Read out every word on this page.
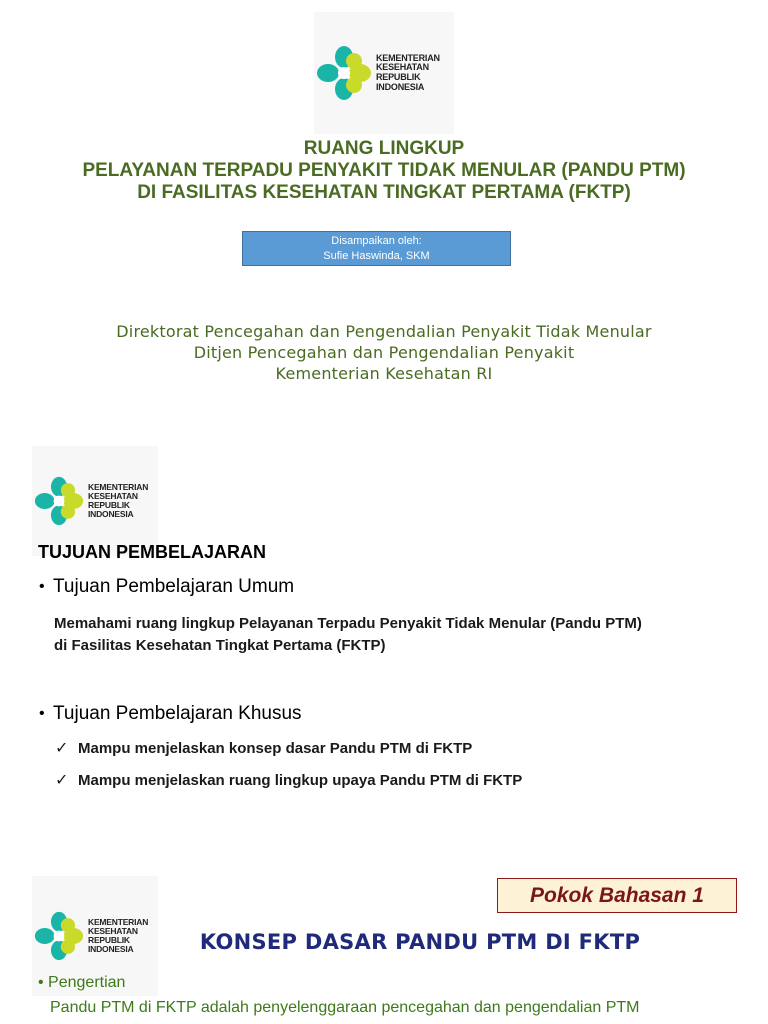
KEMENTERIAN
KESEHATAN
REPUBLIK
INDONESIA
RUANG LINGKUP
PELAYANAN TERPADU PENYAKIT TIDAK MENULAR (PANDU PTM)
DI FASILITAS KESEHATAN TINGKAT PERTAMA (FKTP)
Disampaikan oleh:
Sufie Haswinda, SKM
Direktorat Pencegahan dan Pengendalian Penyakit Tidak Menular
Ditjen Pencegahan dan Pengendalian Penyakit
Kementerian Kesehatan RI
KEMENTERIAN
KESEHATAN
REPUBLIK
INDONESIA
TUJUAN PEMBELAJARAN
• Tujuan Pembelajaran Umum
Memahami ruang lingkup Pelayanan Terpadu Penyakit Tidak Menular (Pandu PTM)
di Fasilitas Kesehatan Tingkat Pertama (FKTP)
• Tujuan Pembelajaran Khusus
✓ Mampu menjelaskan konsep dasar Pandu PTM di FKTP
✓ Mampu menjelaskan ruang lingkup upaya Pandu PTM di FKTP
KEMENTERIAN
KESEHATAN
REPUBLIK
INDONESIA
Pokok Bahasan 1
KONSEP DASAR PANDU PTM DI FKTP
• Pengertian
Pandu PTM di FKTP adalah penyelenggaraan pencegahan dan pengendalian PTM
